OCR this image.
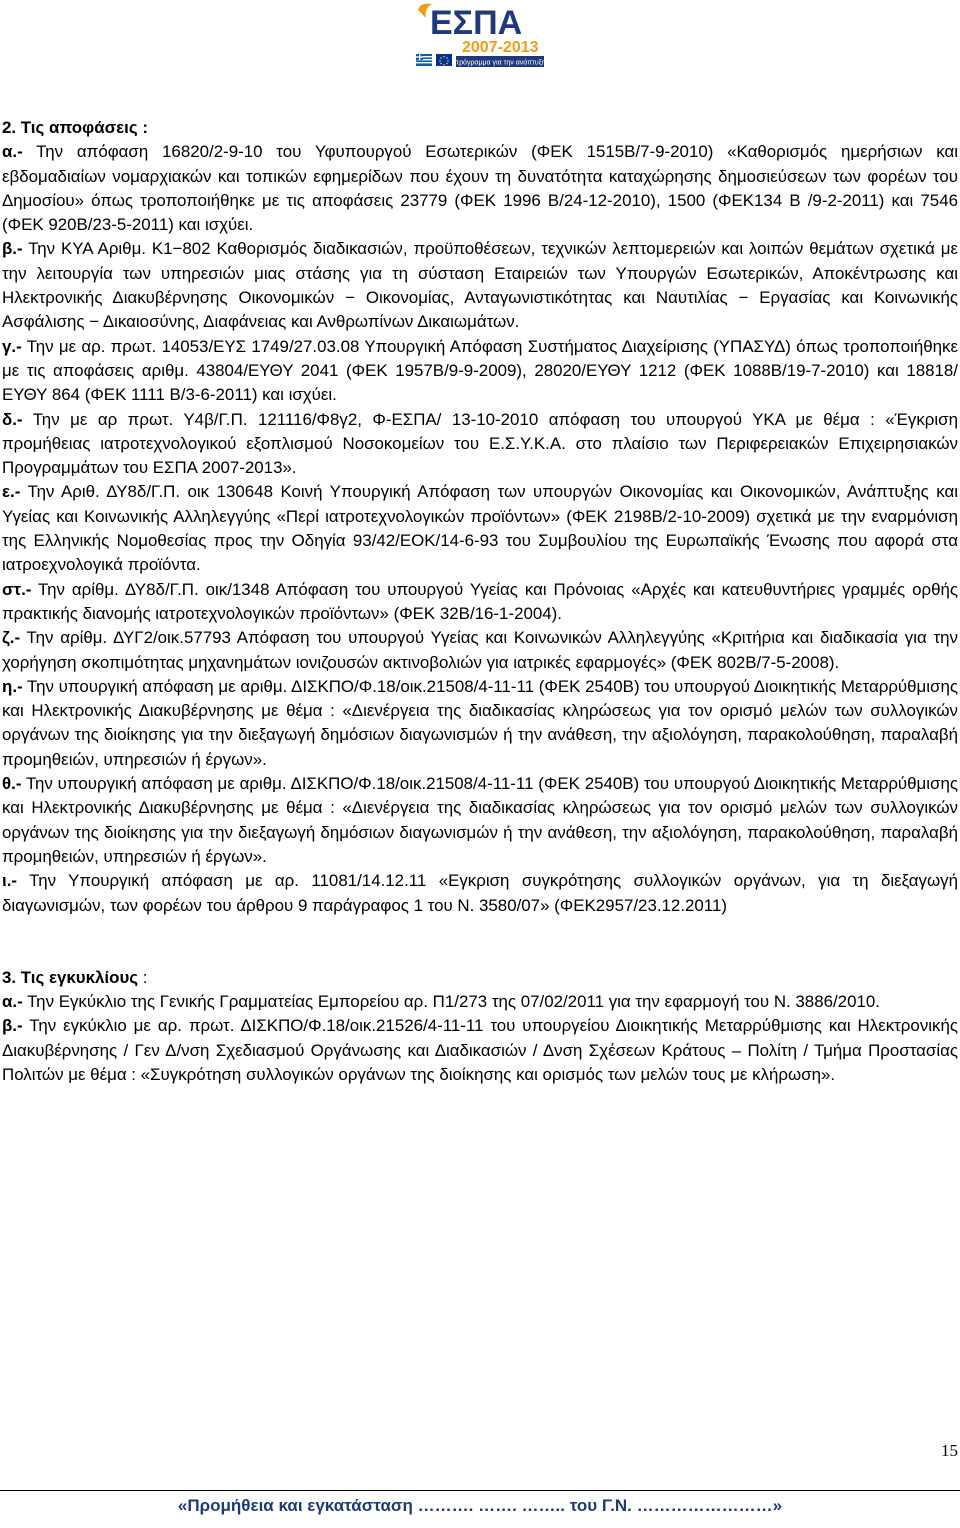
ΕΣΠΑ
2007-2013
πρόγραμμα για την ανάπτυξη

2. Τις αποφάσεις :

α.- Την απόφαση 16820/2-9-10 του Υφυπουργού Εσωτερικών (ΦΕΚ 1515Β/7-9-2010) «Καθορισμός ημερήσιων και εβδομαδιαίων νομαρχιακών και τοπικών εφημερίδων που έχουν τη δυνατότητα καταχώρησης δημοσιεύσεων των φορέων του Δημοσίου» όπως τροποποιήθηκε με τις αποφάσεις 23779 (ΦΕΚ 1996 Β/24-12-2010), 1500 (ΦΕΚ134 Β /9-2-2011) και 7546 (ΦΕΚ 920Β/23-5-2011) και ισχύει.

β.- Την ΚΥΑ Αριθμ. Κ1−802 Καθορισμός διαδικασιών, προϋποθέσεων, τεχνικών λεπτομερειών και λοιπών θεμάτων σχετικά με την λειτουργία των υπηρεσιών μιας στάσης για τη σύσταση Εταιρειών των Υπουργών Εσωτερικών, Αποκέντρωσης και Ηλεκτρονικής Διακυβέρνησης Οικονομικών − Οικονομίας, Ανταγωνιστικότητας και Ναυτιλίας − Εργασίας και Κοινωνικής Ασφάλισης − Δικαιοσύνης, Διαφάνειας και Ανθρωπίνων Δικαιωμάτων.

γ.- Την με αρ. πρωτ. 14053/ΕΥΣ 1749/27.03.08 Υπουργική Απόφαση Συστήματος Διαχείρισης (ΥΠΑΣΥΔ) όπως τροποποιήθηκε με τις αποφάσεις αριθμ. 43804/ΕΥΘΥ 2041 (ΦΕΚ 1957Β/9-9-2009), 28020/ΕΥΘΥ 1212 (ΦΕΚ 1088Β/19-7-2010) και 18818/ΕΥΘΥ 864 (ΦΕΚ 1111 Β/3-6-2011) και ισχύει.

δ.- Την με αρ πρωτ. Υ4β/Γ.Π. 121116/Φ8γ2, Φ-ΕΣΠΑ/ 13-10-2010 απόφαση του υπουργού ΥΚΑ με θέμα : «Έγκριση προμήθειας ιατροτεχνολογικού εξοπλισμού Νοσοκομείων του Ε.Σ.Υ.Κ.Α. στο πλαίσιο των Περιφερειακών Επιχειρησιακών Προγραμμάτων του ΕΣΠΑ 2007-2013».

ε.- Την Αριθ. ΔΥ8δ/Γ.Π. οικ 130648 Κοινή Υπουργική Απόφαση των υπουργών Οικονομίας και Οικονομικών, Ανάπτυξης και Υγείας και Κοινωνικής Αλληλεγγύης «Περί ιατροτεχνολογικών προϊόντων» (ΦΕΚ 2198Β/2-10-2009) σχετικά με την εναρμόνιση της Ελληνικής Νομοθεσίας προς την Οδηγία 93/42/ΕΟΚ/14-6-93 του Συμβουλίου της Ευρωπαϊκής Ένωσης που αφορά στα ιατροεχνολογικά προϊόντα.

στ.- Την αρίθμ. ΔΥ8δ/Γ.Π. οικ/1348 Απόφαση του υπουργού Υγείας και Πρόνοιας «Αρχές και κατευθυντήριες γραμμές ορθής πρακτικής διανομής ιατροτεχνολογικών προϊόντων» (ΦΕΚ 32Β/16-1-2004).

ζ.- Την αρίθμ. ΔΥΓ2/οικ.57793 Απόφαση του υπουργού Υγείας και Κοινωνικών Αλληλεγγύης «Κριτήρια και διαδικασία για την χορήγηση σκοπιμότητας μηχανημάτων ιονιζουσών ακτινοβολιών για ιατρικές εφαρμογές» (ΦΕΚ 802Β/7-5-2008).

η.- Την υπουργική απόφαση με αριθμ. ΔΙΣΚΠΟ/Φ.18/οικ.21508/4-11-11 (ΦΕΚ 2540Β) του υπουργού Διοικητικής Μεταρρύθμισης και Ηλεκτρονικής Διακυβέρνησης με θέμα : «Διενέργεια της διαδικασίας κληρώσεως για τον ορισμό μελών των συλλογικών οργάνων της διοίκησης για την διεξαγωγή δημόσιων διαγωνισμών ή την ανάθεση, την αξιολόγηση, παρακολούθηση, παραλαβή προμηθειών, υπηρεσιών ή έργων».

θ.- Την υπουργική απόφαση με αριθμ. ΔΙΣΚΠΟ/Φ.18/οικ.21508/4-11-11 (ΦΕΚ 2540Β) του υπουργού Διοικητικής Μεταρρύθμισης και Ηλεκτρονικής Διακυβέρνησης με θέμα : «Διενέργεια της διαδικασίας κληρώσεως για τον ορισμό μελών των συλλογικών οργάνων της διοίκησης για την διεξαγωγή δημόσιων διαγωνισμών ή την ανάθεση, την αξιολόγηση, παρακολούθηση, παραλαβή προμηθειών, υπηρεσιών ή έργων».

ι.- Την Υπουργική απόφαση με αρ. 11081/14.12.11 «Εγκριση συγκρότησης συλλογικών οργάνων, για τη διεξαγωγή διαγωνισμών, των φορέων του άρθρου 9 παράγραφος 1 του Ν. 3580/07» (ΦΕΚ2957/23.12.2011)

3. Τις εγκυκλίους :

α.- Την Εγκύκλιο της Γενικής Γραμματείας Εμπορείου αρ. Π1/273 της 07/02/2011 για την εφαρμογή του Ν. 3886/2010.

β.- Την εγκύκλιο με αρ. πρωτ. ΔΙΣΚΠΟ/Φ.18/οικ.21526/4-11-11 του υπουργείου Διοικητικής Μεταρρύθμισης και Ηλεκτρονικής Διακυβέρνησης / Γεν Δ/νση Σχεδιασμού Οργάνωσης και Διαδικασιών / Δνση Σχέσεων Κράτους – Πολίτη / Τμήμα Προστασίας Πολιτών με θέμα : «Συγκρότηση συλλογικών οργάνων της διοίκησης και ορισμός των μελών τους με κλήρωση».

15
«Προμήθεια και εγκατάσταση ………. ……. …….. του Γ.Ν. ……………………»
